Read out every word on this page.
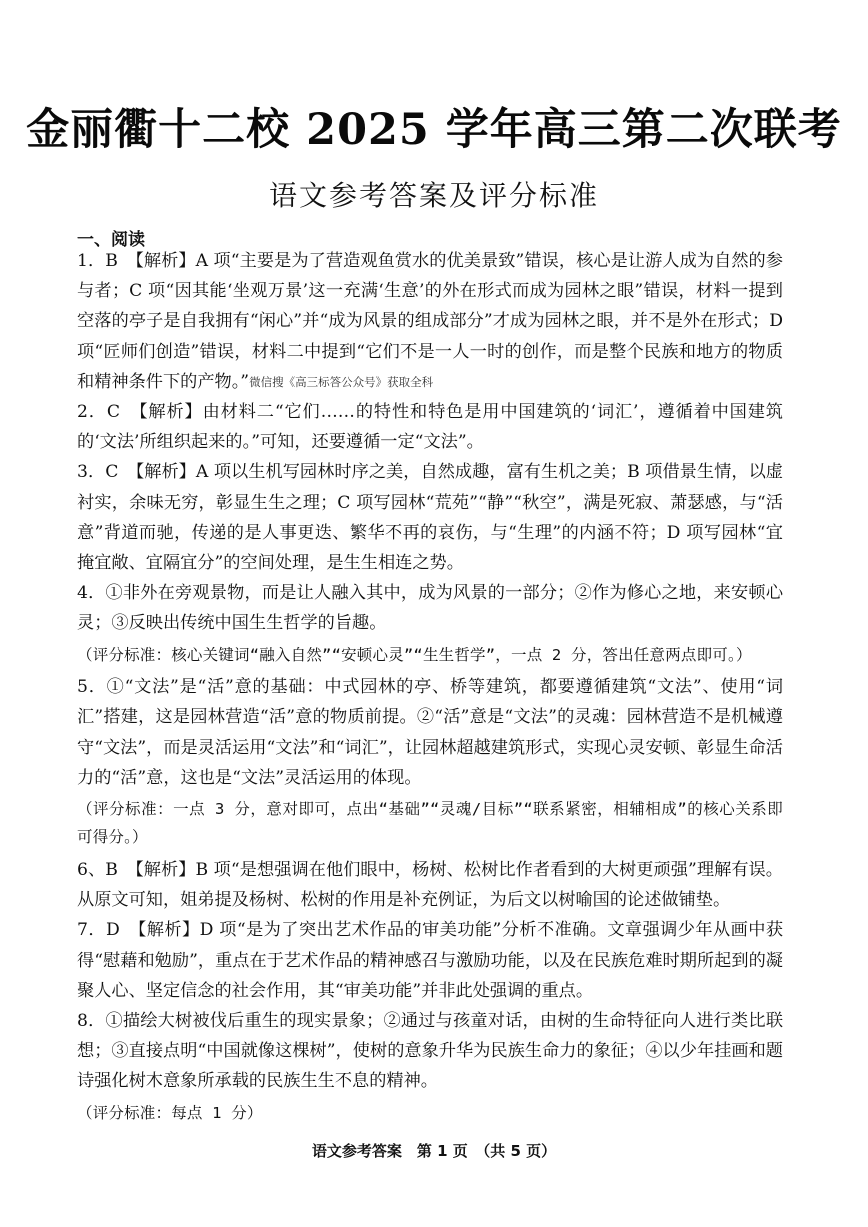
金丽衢十二校 2025 学年高三第二次联考
语文参考答案及评分标准
一、阅读

1．B　 【解析】A 项“主要是为了营造观鱼赏水的优美景致”错误，核心是让游人成为自然的参与者；C 项“因其能‘坐观万景’这一充满‘生意’的外在形式而成为园林之眼”错误，材料一提到空落的亭子是自我拥有“闲心”并“成为风景的组成部分”才成为园林之眼，并不是外在形式；D 项“匠师们创造”错误，材料二中提到“它们不是一人一时的创作，而是整个民族和地方的物质和精神条件下的产物。”微信搜《高三标答公众号》获取全科

2．C　 【解析】由材料二“它们……的特性和特色是用中国建筑的‘词汇’，遵循着中国建筑的‘文法’所组织起来的。”可知，还要遵循一定“文法”。

3．C　 【解析】A 项以生机写园林时序之美，自然成趣，富有生机之美；B 项借景生情，以虚衬实，余味无穷，彰显生生之理；C 项写园林“荒苑”“静”“秋空”，满是死寂、萧瑟感，与“活意”背道而驰，传递的是人事更迭、繁华不再的哀伤，与“生理”的内涵不符；D 项写园林“宜掩宜敞、宜隔宜分”的空间处理，是生生相连之势。

4．①非外在旁观景物，而是让人融入其中，成为风景的一部分；②作为修心之地，来安顿心灵；③反映出传统中国生生哲学的旨趣。

（评分标准：核心关键词“融入自然”“安顿心灵”“生生哲学”，一点 2 分，答出任意两点即可。）

5．①“文法”是“活”意的基础：中式园林的亭、桥等建筑，都要遵循建筑“文法”、使用“词汇”搭建，这是园林营造“活”意的物质前提。②“活”意是“文法”的灵魂：园林营造不是机械遵守“文法”，而是灵活运用“文法”和“词汇”，让园林超越建筑形式，实现心灵安顿、彰显生命活力的“活”意，这也是“文法”灵活运用的体现。

（评分标准：一点 3 分，意对即可，点出“基础”“灵魂/目标”“联系紧密，相辅相成”的核心关系即可得分。）

6、B　 【解析】B 项“是想强调在他们眼中，杨树、松树比作者看到的大树更顽强”理解有误。从原文可知，姐弟提及杨树、松树的作用是补充例证，为后文以树喻国的论述做铺垫。

7．D　 【解析】D 项“是为了突出艺术作品的审美功能”分析不准确。文章强调少年从画中获得“慰藉和勉励”，重点在于艺术作品的精神感召与激励功能，以及在民族危难时期所起到的凝聚人心、坚定信念的社会作用，其“审美功能”并非此处强调的重点。

8．①描绘大树被伐后重生的现实景象；②通过与孩童对话，由树的生命特征向人进行类比联想；③直接点明“中国就像这棵树”，使树的意象升华为民族生命力的象征；④以少年挂画和题诗强化树木意象所承载的民族生生不息的精神。

（评分标准：每点 1 分）

语文参考答案　第 1 页　（共 5 页）
